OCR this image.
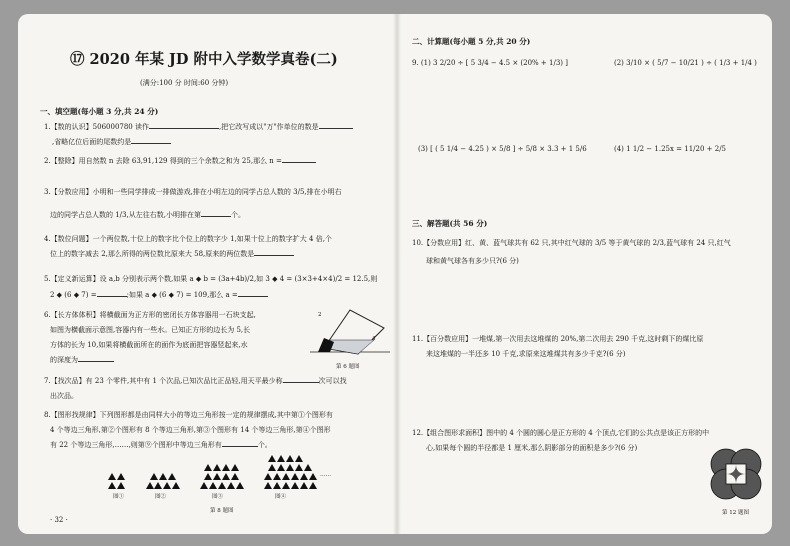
⑰ 2020 年某 JD 附中入学数学真卷(二)
(满分:100 分 时间:60 分钟)
一、填空题(每小题 3 分,共 24 分)
1.【数的认识】506000780 读作	,把它改写成以"万"作单位的数是
,省略亿位后面的尾数约是
2.【整除】用自然数 n 去除 63,91,129 得到的三个余数之和为 25,那么 n =
3.【分数应用】小明和一些同学排成一排做游戏,排在小明左边的同学占总人数的 3/5,排在小明右
边的同学占总人数的 1/3,从左往右数,小明排在第	个。
4.【数位问题】一个两位数,十位上的数字比个位上的数字少 1,如果十位上的数字扩大 4 倍,个
位上的数字减去 2,那么所得的两位数比原来大 58,原来的两位数是
5.【定义新运算】设 a,b 分别表示两个数,如果 a ◆ b = (3a+4b)/2,如 3 ◆ 4 = (3×3+4×4)/2 = 12.5,则
2 ◆ (6 ◆ 7) =	;如果 a ◆ (6 ◆ 7) = 109,那么 a =
6.【长方体体积】将横截面为正方形的密闭长方体容器用一石块支起,
如图为横截面示意图,容器内有一些水。已知正方形的边长为 5,长
方体的长为 10,如果将横截面所在的面作为底面把容器竖起来,水
的深度为
2
4
第 6 题图
7.【找次品】有 23 个零件,其中有 1 个次品,已知次品比正品轻,用天平最少称	次可以找
出次品。
8.【图形找规律】下列图形都是由同样大小的等边三角形按一定的规律摆成,其中第①个图形有
4 个等边三角形,第②个图形有 8 个等边三角形,第③个图形有 14 个等边三角形,第④个图形
有 22 个等边三角形,……,则第⑨个图形中等边三角形有	个。
……
图①	图②	图③	图④
第 8 题图
· 32 ·
二、计算题(每小题 5 分,共 20 分)
9. (1) 3 2/20 ÷ [ 5 3/4 − 4.5 × (20% + 1/3) ]	(2) 3/10 × ( 5/7 − 10/21 ) ÷ ( 1/3 + 1/4 )
(3) [ ( 5 1/4 − 4.25 ) × 5/8 ] ÷ 5/8 × 3.3 + 1 5/6	(4) 1 1/2 − 1.25x = 11/20 + 2/5
三、解答题(共 56 分)
10.【分数应用】红、黄、蓝气球共有 62 只,其中红气球的 3/5 等于黄气球的 2/3,蓝气球有 24 只,红气
球和黄气球各有多少只?(6 分)
11.【百分数应用】一堆煤,第一次用去这堆煤的 20%,第二次用去 290 千克,这时剩下的煤比原
来这堆煤的一半还多 10 千克,求原来这堆煤共有多少千克?(6 分)
12.【组合图形求面积】图中的 4 个圆的圆心是正方形的 4 个顶点,它们的公共点是该正方形的中
心,如果每个圆的半径都是 1 厘米,那么阴影部分的面积是多少?(6 分)
第 12 题图
